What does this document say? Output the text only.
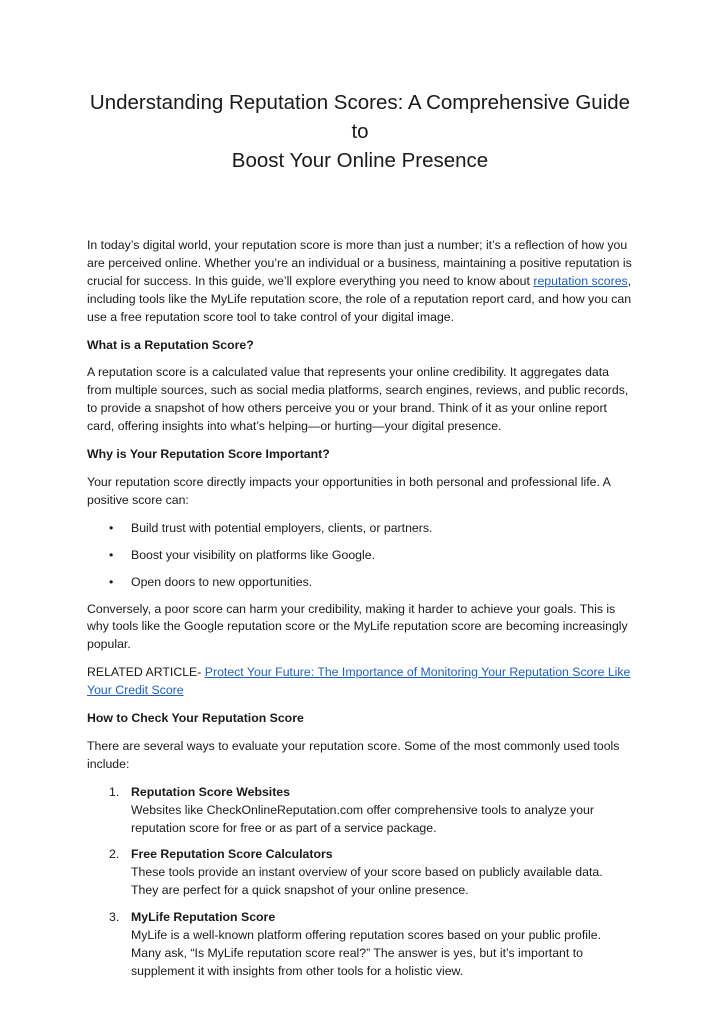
Understanding Reputation Scores: A Comprehensive Guide to
Boost Your Online Presence

In today’s digital world, your reputation score is more than just a number; it’s a reflection of how you are perceived online. Whether you’re an individual or a business, maintaining a positive reputation is crucial for success. In this guide, we’ll explore everything you need to know about reputation scores, including tools like the MyLife reputation score, the role of a reputation report card, and how you can use a free reputation score tool to take control of your digital image.

What is a Reputation Score?

A reputation score is a calculated value that represents your online credibility. It aggregates data from multiple sources, such as social media platforms, search engines, reviews, and public records, to provide a snapshot of how others perceive you or your brand. Think of it as your online report card, offering insights into what’s helping—or hurting—your digital presence.

Why is Your Reputation Score Important?

Your reputation score directly impacts your opportunities in both personal and professional life. A positive score can:

• Build trust with potential employers, clients, or partners.
• Boost your visibility on platforms like Google.
• Open doors to new opportunities.

Conversely, a poor score can harm your credibility, making it harder to achieve your goals. This is why tools like the Google reputation score or the MyLife reputation score are becoming increasingly popular.

RELATED ARTICLE- Protect Your Future: The Importance of Monitoring Your Reputation Score Like Your Credit Score

How to Check Your Reputation Score

There are several ways to evaluate your reputation score. Some of the most commonly used tools include:

1. Reputation Score Websites
Websites like CheckOnlineReputation.com offer comprehensive tools to analyze your reputation score for free or as part of a service package.
2. Free Reputation Score Calculators
These tools provide an instant overview of your score based on publicly available data. They are perfect for a quick snapshot of your online presence.
3. MyLife Reputation Score
MyLife is a well-known platform offering reputation scores based on your public profile. Many ask, “Is MyLife reputation score real?” The answer is yes, but it’s important to supplement it with insights from other tools for a holistic view.
